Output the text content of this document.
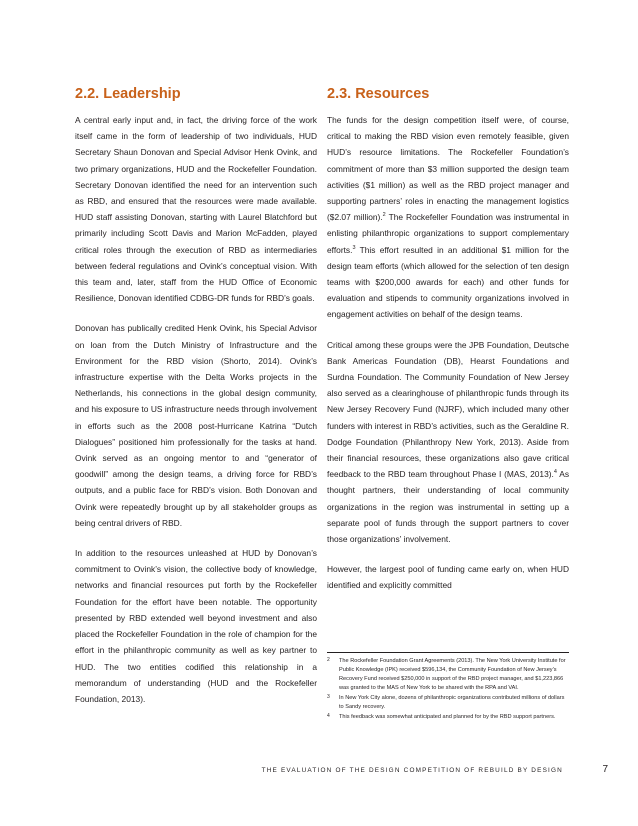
2.2. Leadership

A central early input and, in fact, the driving force of the work itself came in the form of leadership of two individuals, HUD Secretary Shaun Donovan and Special Advisor Henk Ovink, and two primary organizations, HUD and the Rockefeller Foundation. Secretary Donovan identified the need for an intervention such as RBD, and ensured that the resources were made available. HUD staff assisting Donovan, starting with Laurel Blatchford but primarily including Scott Davis and Marion McFadden, played critical roles through the execution of RBD as intermediaries between federal regulations and Ovink’s conceptual vision. With this team and, later, staff from the HUD Office of Economic Resilience, Donovan identified CDBG-DR funds for RBD’s goals.

Donovan has publically credited Henk Ovink, his Special Advisor on loan from the Dutch Ministry of Infrastructure and the Environment for the RBD vision (Shorto, 2014). Ovink’s infrastructure expertise with the Delta Works projects in the Netherlands, his connections in the global design community, and his exposure to US infrastructure needs through involvement in efforts such as the 2008 post-Hurricane Katrina “Dutch Dialogues” positioned him professionally for the tasks at hand. Ovink served as an ongoing mentor to and “generator of goodwill” among the design teams, a driving force for RBD’s outputs, and a public face for RBD’s vision. Both Donovan and Ovink were repeatedly brought up by all stakeholder groups as being central drivers of RBD.

In addition to the resources unleashed at HUD by Donovan’s commitment to Ovink’s vision, the collective body of knowledge, networks and financial resources put forth by the Rockefeller Foundation for the effort have been notable. The opportunity presented by RBD extended well beyond investment and also placed the Rockefeller Foundation in the role of champion for the effort in the philanthropic community as well as key partner to HUD. The two entities codified this relationship in a memorandum of understanding (HUD and the Rockefeller Foundation, 2013).

2.3. Resources

The funds for the design competition itself were, of course, critical to making the RBD vision even remotely feasible, given HUD’s resource limitations. The Rockefeller Foundation’s commitment of more than $3 million supported the design team activities ($1 million) as well as the RBD project manager and supporting partners’ roles in enacting the management logistics ($2.07 million).$^2$ The Rockefeller Foundation was instrumental in enlisting philanthropic organizations to support complementary efforts.$^3$ This effort resulted in an additional $1 million for the design team efforts (which allowed for the selection of ten design teams with $200,000 awards for each) and other funds for evaluation and stipends to community organizations involved in engagement activities on behalf of the design teams.

Critical among these groups were the JPB Foundation, Deutsche Bank Americas Foundation (DB), Hearst Foundations and Surdna Foundation. The Community Foundation of New Jersey also served as a clearinghouse of philanthropic funds through its New Jersey Recovery Fund (NJRF), which included many other funders with interest in RBD’s activities, such as the Geraldine R. Dodge Foundation (Philanthropy New York, 2013). Aside from their financial resources, these organizations also gave critical feedback to the RBD team throughout Phase I (MAS, 2013).$^4$ As thought partners, their understanding of local community organizations in the region was instrumental in setting up a separate pool of funds through the support partners to cover those organizations’ involvement.

However, the largest pool of funding came early on, when HUD identified and explicitly committed

2 The Rockefeller Foundation Grant Agreements (2013). The New York University Institute for Public Knowledge (IPK) received $596,134, the Community Foundation of New Jersey’s Recovery Fund received $250,000 in support of the RBD project manager, and $1,223,866 was granted to the MAS of New York to be shared with the RPA and VAI.
3 In New York City alone, dozens of philanthropic organizations contributed millions of dollars to Sandy recovery.
4 This feedback was somewhat anticipated and planned for by the RBD support partners.
THE EVALUATION OF THE DESIGN COMPETITION OF REBUILD BY DESIGN	7
